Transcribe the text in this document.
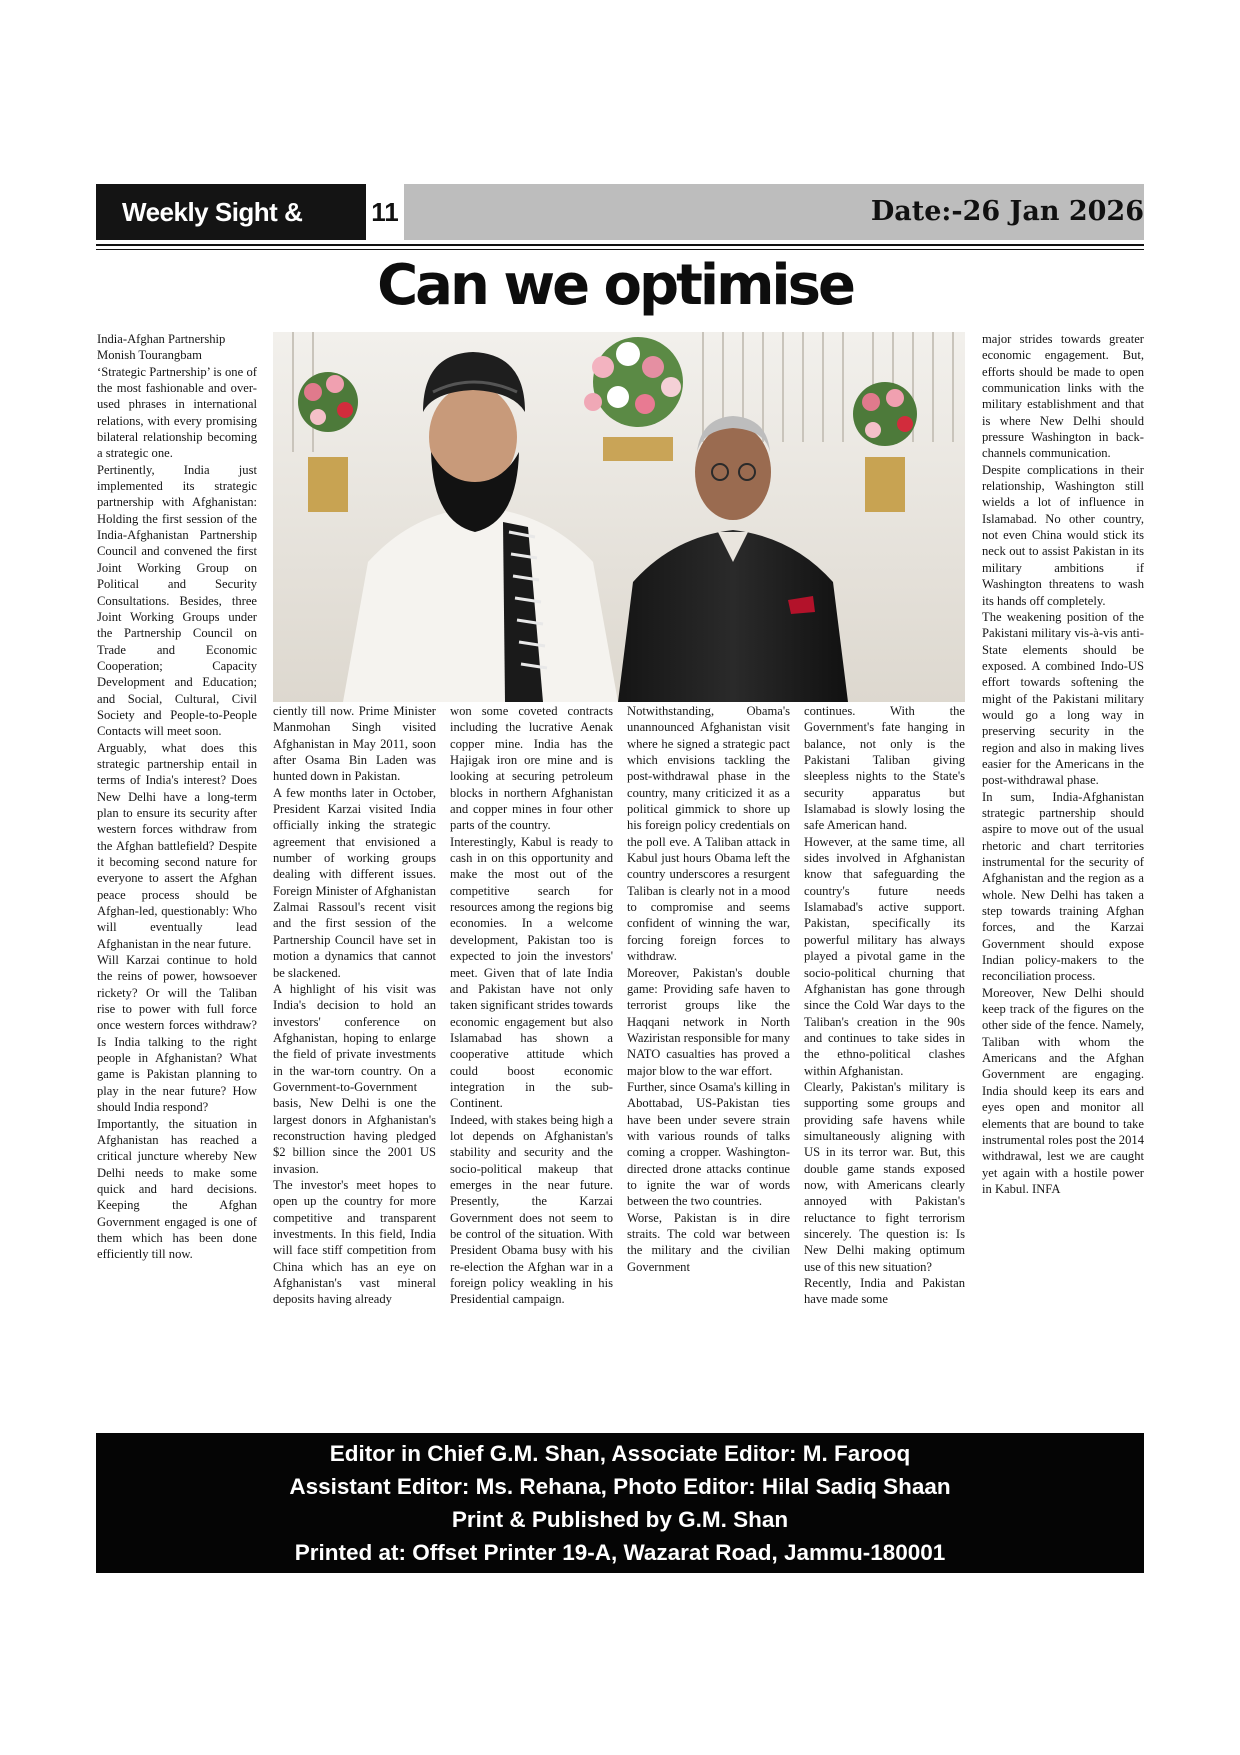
Weekly Sight & Sound
11	Date:-26 Jan 2026
Can we optimise

India-Afghan Partnership

Monish Tourangbam

‘Strategic Partnership’ is one of the most fashionable and over-used phrases in international relations, with every promising bilateral relationship becoming a strategic one.

Pertinently, India just implemented its strategic partnership with Afghanistan: Holding the first session of the India-Afghanistan Partnership Council and convened the first Joint Working Group on Political and Security Consultations. Besides, three Joint Working Groups under the Partnership Council on Trade and Economic Cooperation; Capacity Development and Education; and Social, Cultural, Civil Society and People-to-People Contacts will meet soon.

Arguably, what does this strategic partnership entail in terms of India's interest? Does New Delhi have a long-term plan to ensure its security after western forces withdraw from the Afghan battlefield? Despite it becoming second nature for everyone to assert the Afghan peace process should be Afghan-led, questionably: Who will eventually lead Afghanistan in the near future.

Will Karzai continue to hold the reins of power, howsoever rickety? Or will the Taliban rise to power with full force once western forces withdraw? Is India talking to the right people in Afghanistan? What game is Pakistan planning to play in the near future? How should India respond?

Importantly, the situation in Afghanistan has reached a critical juncture whereby New Delhi needs to make some quick and hard decisions. Keeping the Afghan Government engaged is one of them which has been done efficiently till now.

ciently till now. Prime Minister Manmohan Singh visited Afghanistan in May 2011, soon after Osama Bin Laden was hunted down in Pakistan.

A few months later in October, President Karzai visited India officially inking the strategic agreement that envisioned a number of working groups dealing with different issues. Foreign Minister of Afghanistan Zalmai Rassoul's recent visit and the first session of the Partnership Council have set in motion a dynamics that cannot be slackened.

A highlight of his visit was India's decision to hold an investors' conference on Afghanistan, hoping to enlarge the field of private investments in the war-torn country. On a Government-to-Government basis, New Delhi is one the largest donors in Afghanistan's reconstruction having pledged $2 billion since the 2001 US invasion.

The investor's meet hopes to open up the country for more competitive and transparent investments. In this field, India will face stiff competition from China which has an eye on Afghanistan's vast mineral deposits having already

won some coveted contracts including the lucrative Aenak copper mine. India has the Hajigak iron ore mine and is looking at securing petroleum blocks in northern Afghanistan and copper mines in four other parts of the country.

Interestingly, Kabul is ready to cash in on this opportunity and make the most out of the competitive search for resources among the regions big economies. In a welcome development, Pakistan too is expected to join the investors' meet. Given that of late India and Pakistan have not only taken significant strides towards economic engagement but also Islamabad has shown a cooperative attitude which could boost economic integration in the sub-Continent.

Indeed, with stakes being high a lot depends on Afghanistan's stability and security and the socio-political makeup that emerges in the near future. Presently, the Karzai Government does not seem to be control of the situation. With President Obama busy with his re-election the Afghan war in a foreign policy weakling in his Presidential campaign.

Notwithstanding, Obama's unannounced Afghanistan visit where he signed a strategic pact which envisions tackling the post-withdrawal phase in the country, many criticized it as a political gimmick to shore up his foreign policy credentials on the poll eve. A Taliban attack in Kabul just hours Obama left the country underscores a resurgent Taliban is clearly not in a mood to compromise and seems confident of winning the war, forcing foreign forces to withdraw.

Moreover, Pakistan's double game: Providing safe haven to terrorist groups like the Haqqani network in North Waziristan responsible for many NATO casualties has proved a major blow to the war effort.

Further, since Osama's killing in Abottabad, US-Pakistan ties have been under severe strain with various rounds of talks coming a cropper. Washington-directed drone attacks continue to ignite the war of words between the two countries.

Worse, Pakistan is in dire straits. The cold war between the military and the civilian Government

continues. With the Government's fate hanging in balance, not only is the Pakistani Taliban giving sleepless nights to the State's security apparatus but Islamabad is slowly losing the safe American hand.

However, at the same time, all sides involved in Afghanistan know that safeguarding the country's future needs Islamabad's active support. Pakistan, specifically its powerful military has always played a pivotal game in the socio-political churning that Afghanistan has gone through since the Cold War days to the Taliban's creation in the 90s and continues to take sides in the ethno-political clashes within Afghanistan.

Clearly, Pakistan's military is supporting some groups and providing safe havens while simultaneously aligning with US in its terror war. But, this double game stands exposed now, with Americans clearly annoyed with Pakistan's reluctance to fight terrorism sincerely. The question is: Is New Delhi making optimum use of this new situation?

Recently, India and Pakistan have made some

major strides towards greater economic engagement. But, efforts should be made to open communication links with the military establishment and that is where New Delhi should pressure Washington in back-channels communication.

Despite complications in their relationship, Washington still wields a lot of influence in Islamabad. No other country, not even China would stick its neck out to assist Pakistan in its military ambitions if Washington threatens to wash its hands off completely.

The weakening position of the Pakistani military vis-à-vis anti-State elements should be exposed. A combined Indo-US effort towards softening the might of the Pakistani military would go a long way in preserving security in the region and also in making lives easier for the Americans in the post-withdrawal phase.

In sum, India-Afghanistan strategic partnership should aspire to move out of the usual rhetoric and chart territories instrumental for the security of Afghanistan and the region as a whole. New Delhi has taken a step towards training Afghan forces, and the Karzai Government should expose Indian policy-makers to the reconciliation process.

Moreover, New Delhi should keep track of the figures on the other side of the fence. Namely, Taliban with whom the Americans and the Afghan Government are engaging. India should keep its ears and eyes open and monitor all elements that are bound to take instrumental roles post the 2014 withdrawal, lest we are caught yet again with a hostile power in Kabul. INFA

Editor in Chief G.M. Shan, Associate Editor: M. Farooq
Assistant Editor: Ms. Rehana, Photo Editor: Hilal Sadiq Shaan
Print & Published by G.M. Shan
Printed at: Offset Printer 19-A, Wazarat Road, Jammu-180001
